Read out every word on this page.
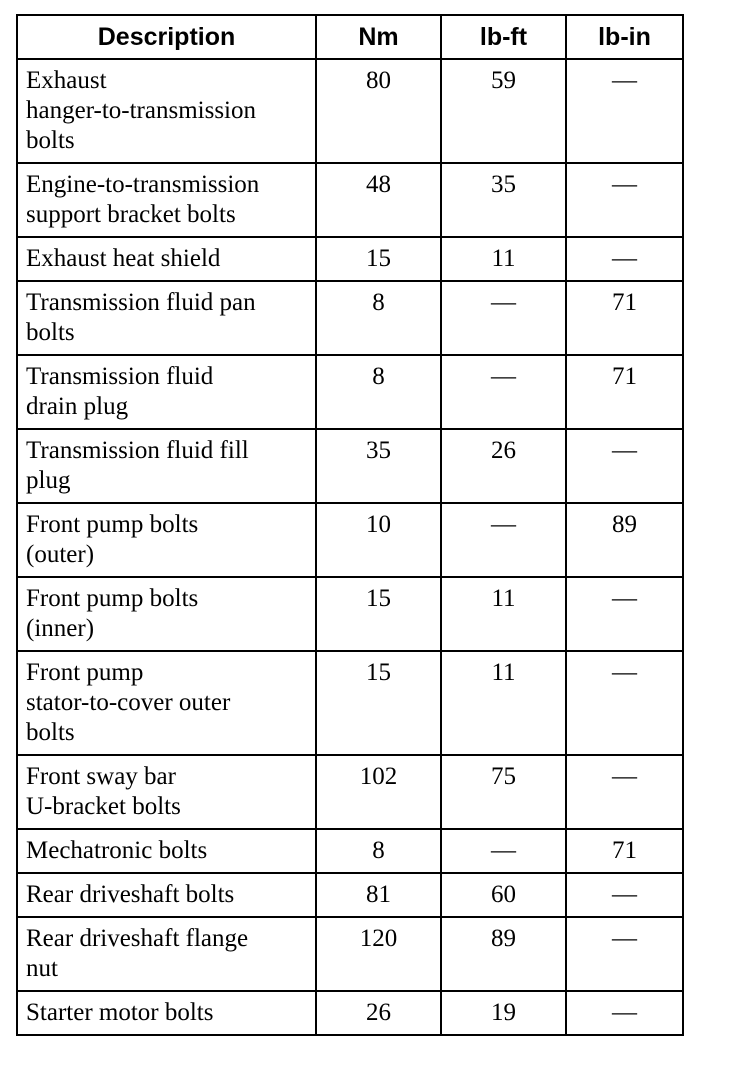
Description	Nm	lb-ft	lb-in
Exhaust
hanger-to-transmission
bolts	80	59	—
Engine-to-transmission
support bracket bolts	48	35	—
Exhaust heat shield	15	11	—
Transmission fluid pan
bolts	8	—	71
Transmission fluid
drain plug	8	—	71
Transmission fluid fill
plug	35	26	—
Front pump bolts
(outer)	10	—	89
Front pump bolts
(inner)	15	11	—
Front pump
stator-to-cover outer
bolts	15	11	—
Front sway bar
U-bracket bolts	102	75	—
Mechatronic bolts	8	—	71
Rear driveshaft bolts	81	60	—
Rear driveshaft flange
nut	120	89	—
Starter motor bolts	26	19	—
